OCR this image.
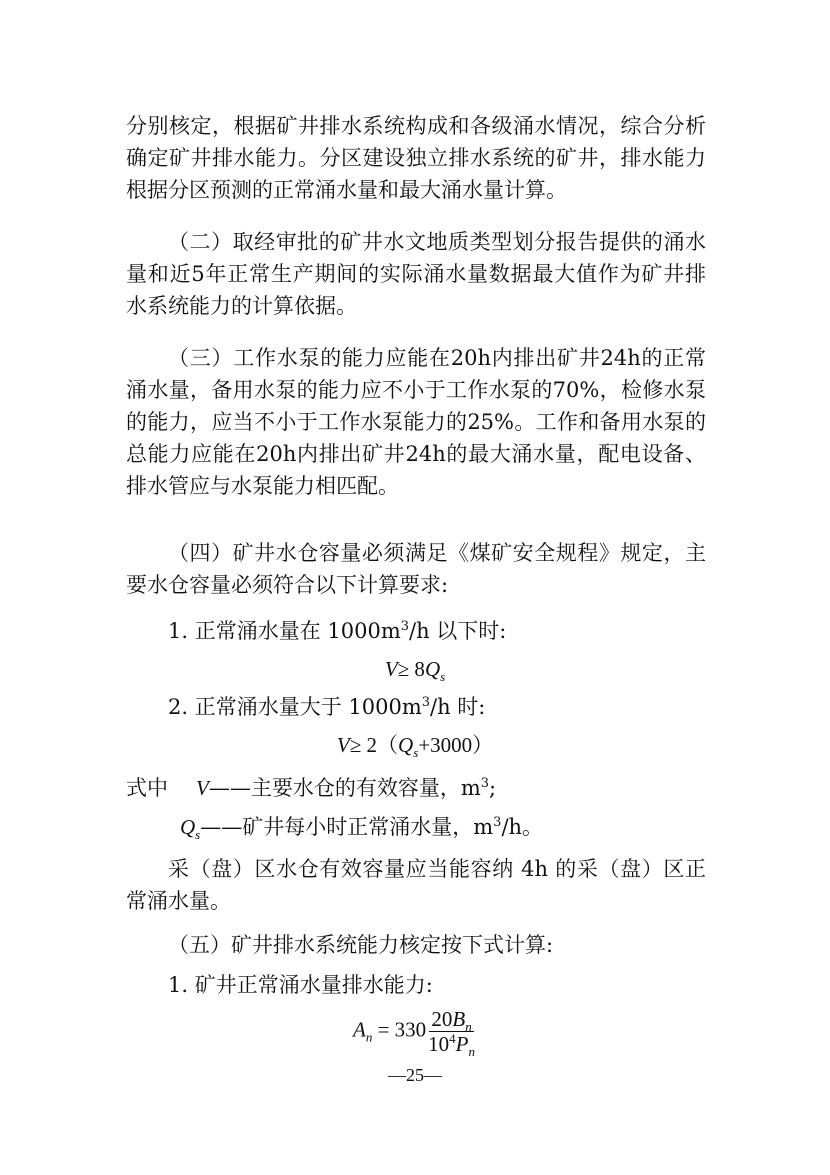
分别核定，根据矿井排水系统构成和各级涌水情况，综合分析确定矿井排水能力。分区建设独立排水系统的矿井，排水能力根据分区预测的正常涌水量和最大涌水量计算。

（二）取经审批的矿井水文地质类型划分报告提供的涌水量和近5年正常生产期间的实际涌水量数据最大值作为矿井排水系统能力的计算依据。

（三）工作水泵的能力应能在20h内排出矿井24h的正常涌水量，备用水泵的能力应不小于工作水泵的70%，检修水泵的能力，应当不小于工作水泵能力的25%。工作和备用水泵的总能力应能在20h内排出矿井24h的最大涌水量，配电设备、排水管应与水泵能力相匹配。

（四）矿井水仓容量必须满足《煤矿安全规程》规定，主要水仓容量必须符合以下计算要求:

1. 正常涌水量在 $1000m^3/h$ 以下时:

$V\ge 8Q_s$

2. 正常涌水量大于 $1000m^3/h$ 时:

$V\ge 2(Q_s+3000)$

式中 V——主要水仓的有效容量，$m^3$;

$Q_s——$矿井每小时正常涌水量，$m^3/h$。

采（盘）区水仓有效容量应当能容纳 4h 的采（盘）区正常涌水量。

（五）矿井排水系统能力核定按下式计算:

1. 矿井正常涌水量排水能力:

$A_n = 330 \frac{20B_n}{10^4P_n}$
—25—
